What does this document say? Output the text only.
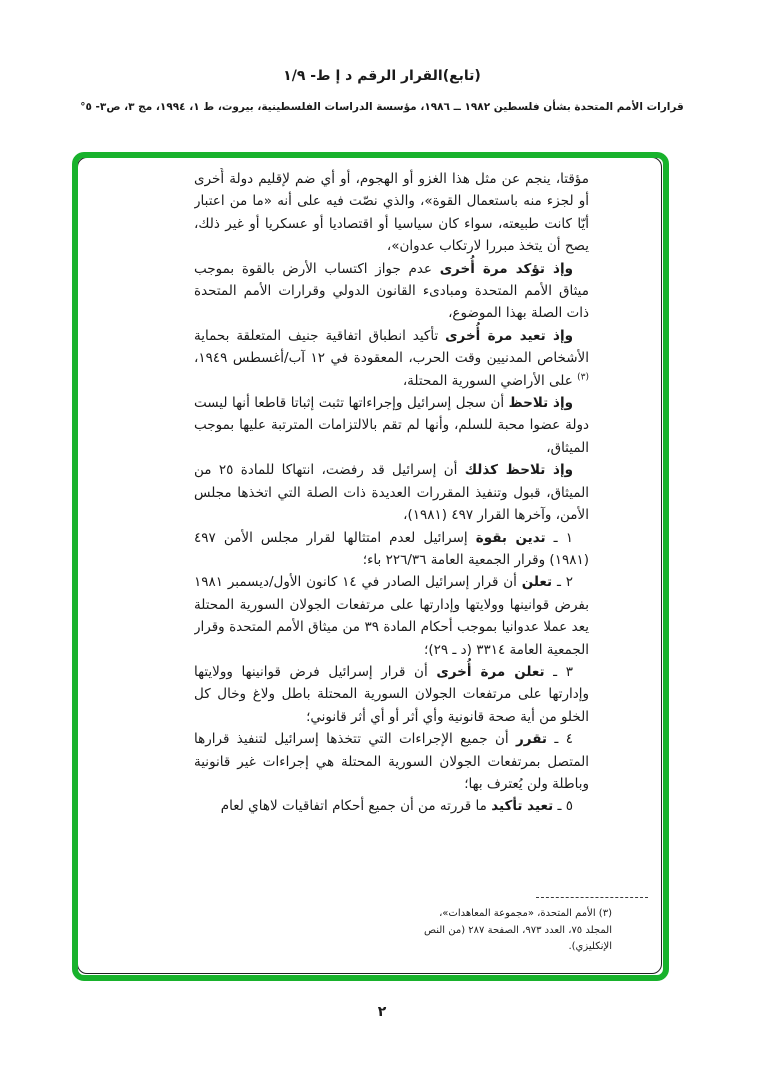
(تابع)القرار الرقم د إ ط- ١/٩
قرارات الأمم المتحدة بشأن فلسطين ١٩٨٢ ــ ١٩٨٦، مؤسسة الدراسات الفلسطينية، بيروت، ط ١، ١٩٩٤، مج ٣، ص٣- ٥°

مؤقتا، ينجم عن مثل هذا الغزو أو الهجوم، أو أي ضم لإقليم دولة أُخرى أو لجزء منه باستعمال القوة»، والذي نصّت فيه على أنه «ما من اعتبار أيّا كانت طبيعته، سواء كان سياسيا أو اقتصاديا أو عسكريا أو غير ذلك، يصح أن يتخذ مبررا لارتكاب عدوان»،

وإذ تؤكد مرة أُخرى عدم جواز اكتساب الأرض بالقوة بموجب ميثاق الأمم المتحدة ومبادىء القانون الدولي وقرارات الأمم المتحدة ذات الصلة بهذا الموضوع،

وإذ تعيد مرة أُخرى تأكيد انطباق اتفاقية جنيف المتعلقة بحماية الأشخاص المدنيين وقت الحرب، المعقودة في ١٢ آب/أغسطس ١٩٤٩،$^{(٣)}$ على الأراضي السورية المحتلة،

وإذ تلاحظ أن سجل إسرائيل وإجراءاتها تثبت إثباتا قاطعا أنها ليست دولة عضوا محبة للسلم، وأنها لم تقم بالالتزامات المترتبة عليها بموجب الميثاق،

وإذ تلاحظ كذلك أن إسرائيل قد رفضت، انتهاكا للمادة ٢٥ من الميثاق، قبول وتنفيذ المقررات العديدة ذات الصلة التي اتخذها مجلس الأمن، وآخرها القرار ٤٩٧ (١٩٨١)،

١ ـ تدين بقوة إسرائيل لعدم امتثالها لقرار مجلس الأمن ٤٩٧ (١٩٨١) وقرار الجمعية العامة ٢٢٦/٣٦ باء؛

٢ ـ تعلن أن قرار إسرائيل الصادر في ١٤ كانون الأول/ديسمبر ١٩٨١ بفرض قوانينها وولايتها وإدارتها على مرتفعات الجولان السورية المحتلة يعد عملا عدوانيا بموجب أحكام المادة ٣٩ من ميثاق الأمم المتحدة وقرار الجمعية العامة ٣٣١٤ (د ـ ٢٩)؛

٣ ـ تعلن مرة أُخرى أن قرار إسرائيل فرض قوانينها وولايتها وإدارتها على مرتفعات الجولان السورية المحتلة باطل ولاغ وخال كل الخلو من أية صحة قانونية وأي أثر أو أي أثر قانوني؛

٤ ـ تقرر أن جميع الإجراءات التي تتخذها إسرائيل لتنفيذ قرارها المتصل بمرتفعات الجولان السورية المحتلة هي إجراءات غير قانونية وباطلة ولن يُعترف بها؛

٥ ـ تعيد تأكيد ما قررته من أن جميع أحكام اتفاقيات لاهاي لعام

(٣) الأمم المتحدة، «مجموعة المعاهدات»، المجلد ٧٥، العدد ٩٧٣، الصفحة ٢٨٧ (من النص الإنكليزي).
٢
